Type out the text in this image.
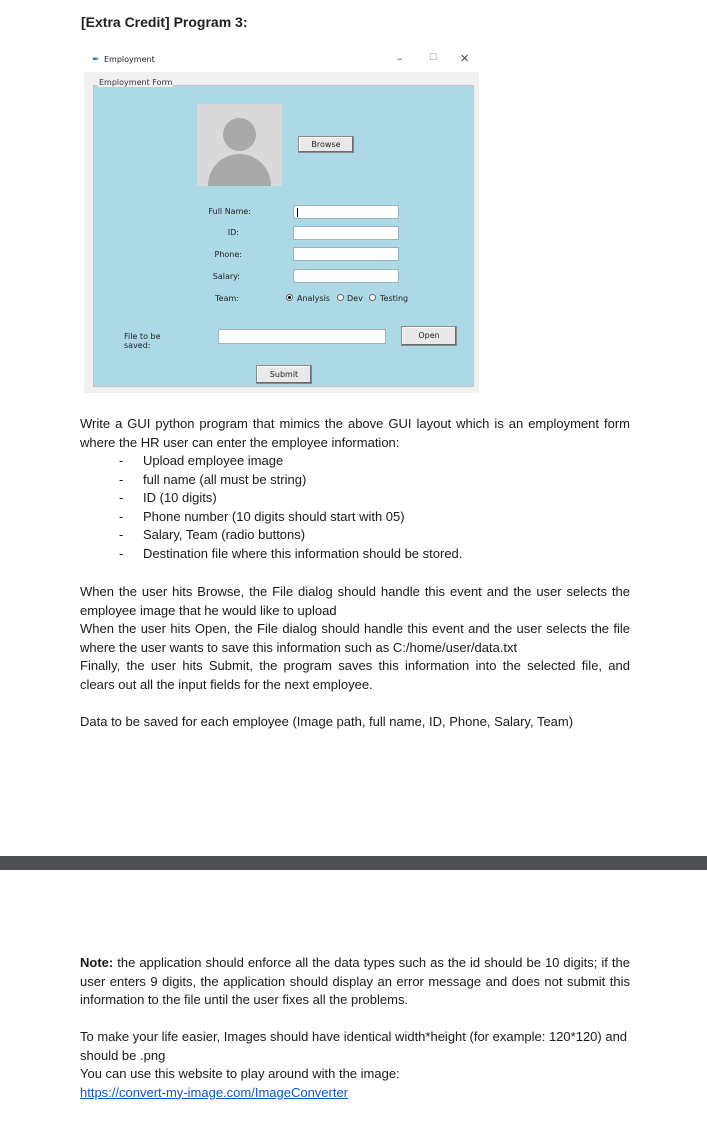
[Extra Credit] Program 3:
✒ Employment	–	☐ ✕
Employment Form
Browse
Full Name:
ID:
Phone:
Salary:
Team:	Analysis Dev Testing
File to be saved:
Open
Submit
Write a GUI python program that mimics the above GUI layout which is an employment form where the HR user can enter the employee information:
- Upload employee image
- full name (all must be string)
- ID (10 digits)
- Phone number (10 digits should start with 05)
- Salary, Team (radio buttons)
- Destination file where this information should be stored.
When the user hits Browse, the File dialog should handle this event and the user selects the employee image that he would like to upload
When the user hits Open, the File dialog should handle this event and the user selects the file where the user wants to save this information such as C:/home/user/data.txt
Finally, the user hits Submit, the program saves this information into the selected file, and clears out all the input fields for the next employee.
Data to be saved for each employee (Image path, full name, ID, Phone, Salary, Team)
Note: the application should enforce all the data types such as the id should be 10 digits; if the user enters 9 digits, the application should display an error message and does not submit this information to the file until the user fixes all the problems.
To make your life easier, Images should have identical width*height (for example: 120*120) and should be .png
You can use this website to play around with the image:
https://convert-my-image.com/ImageConverter
